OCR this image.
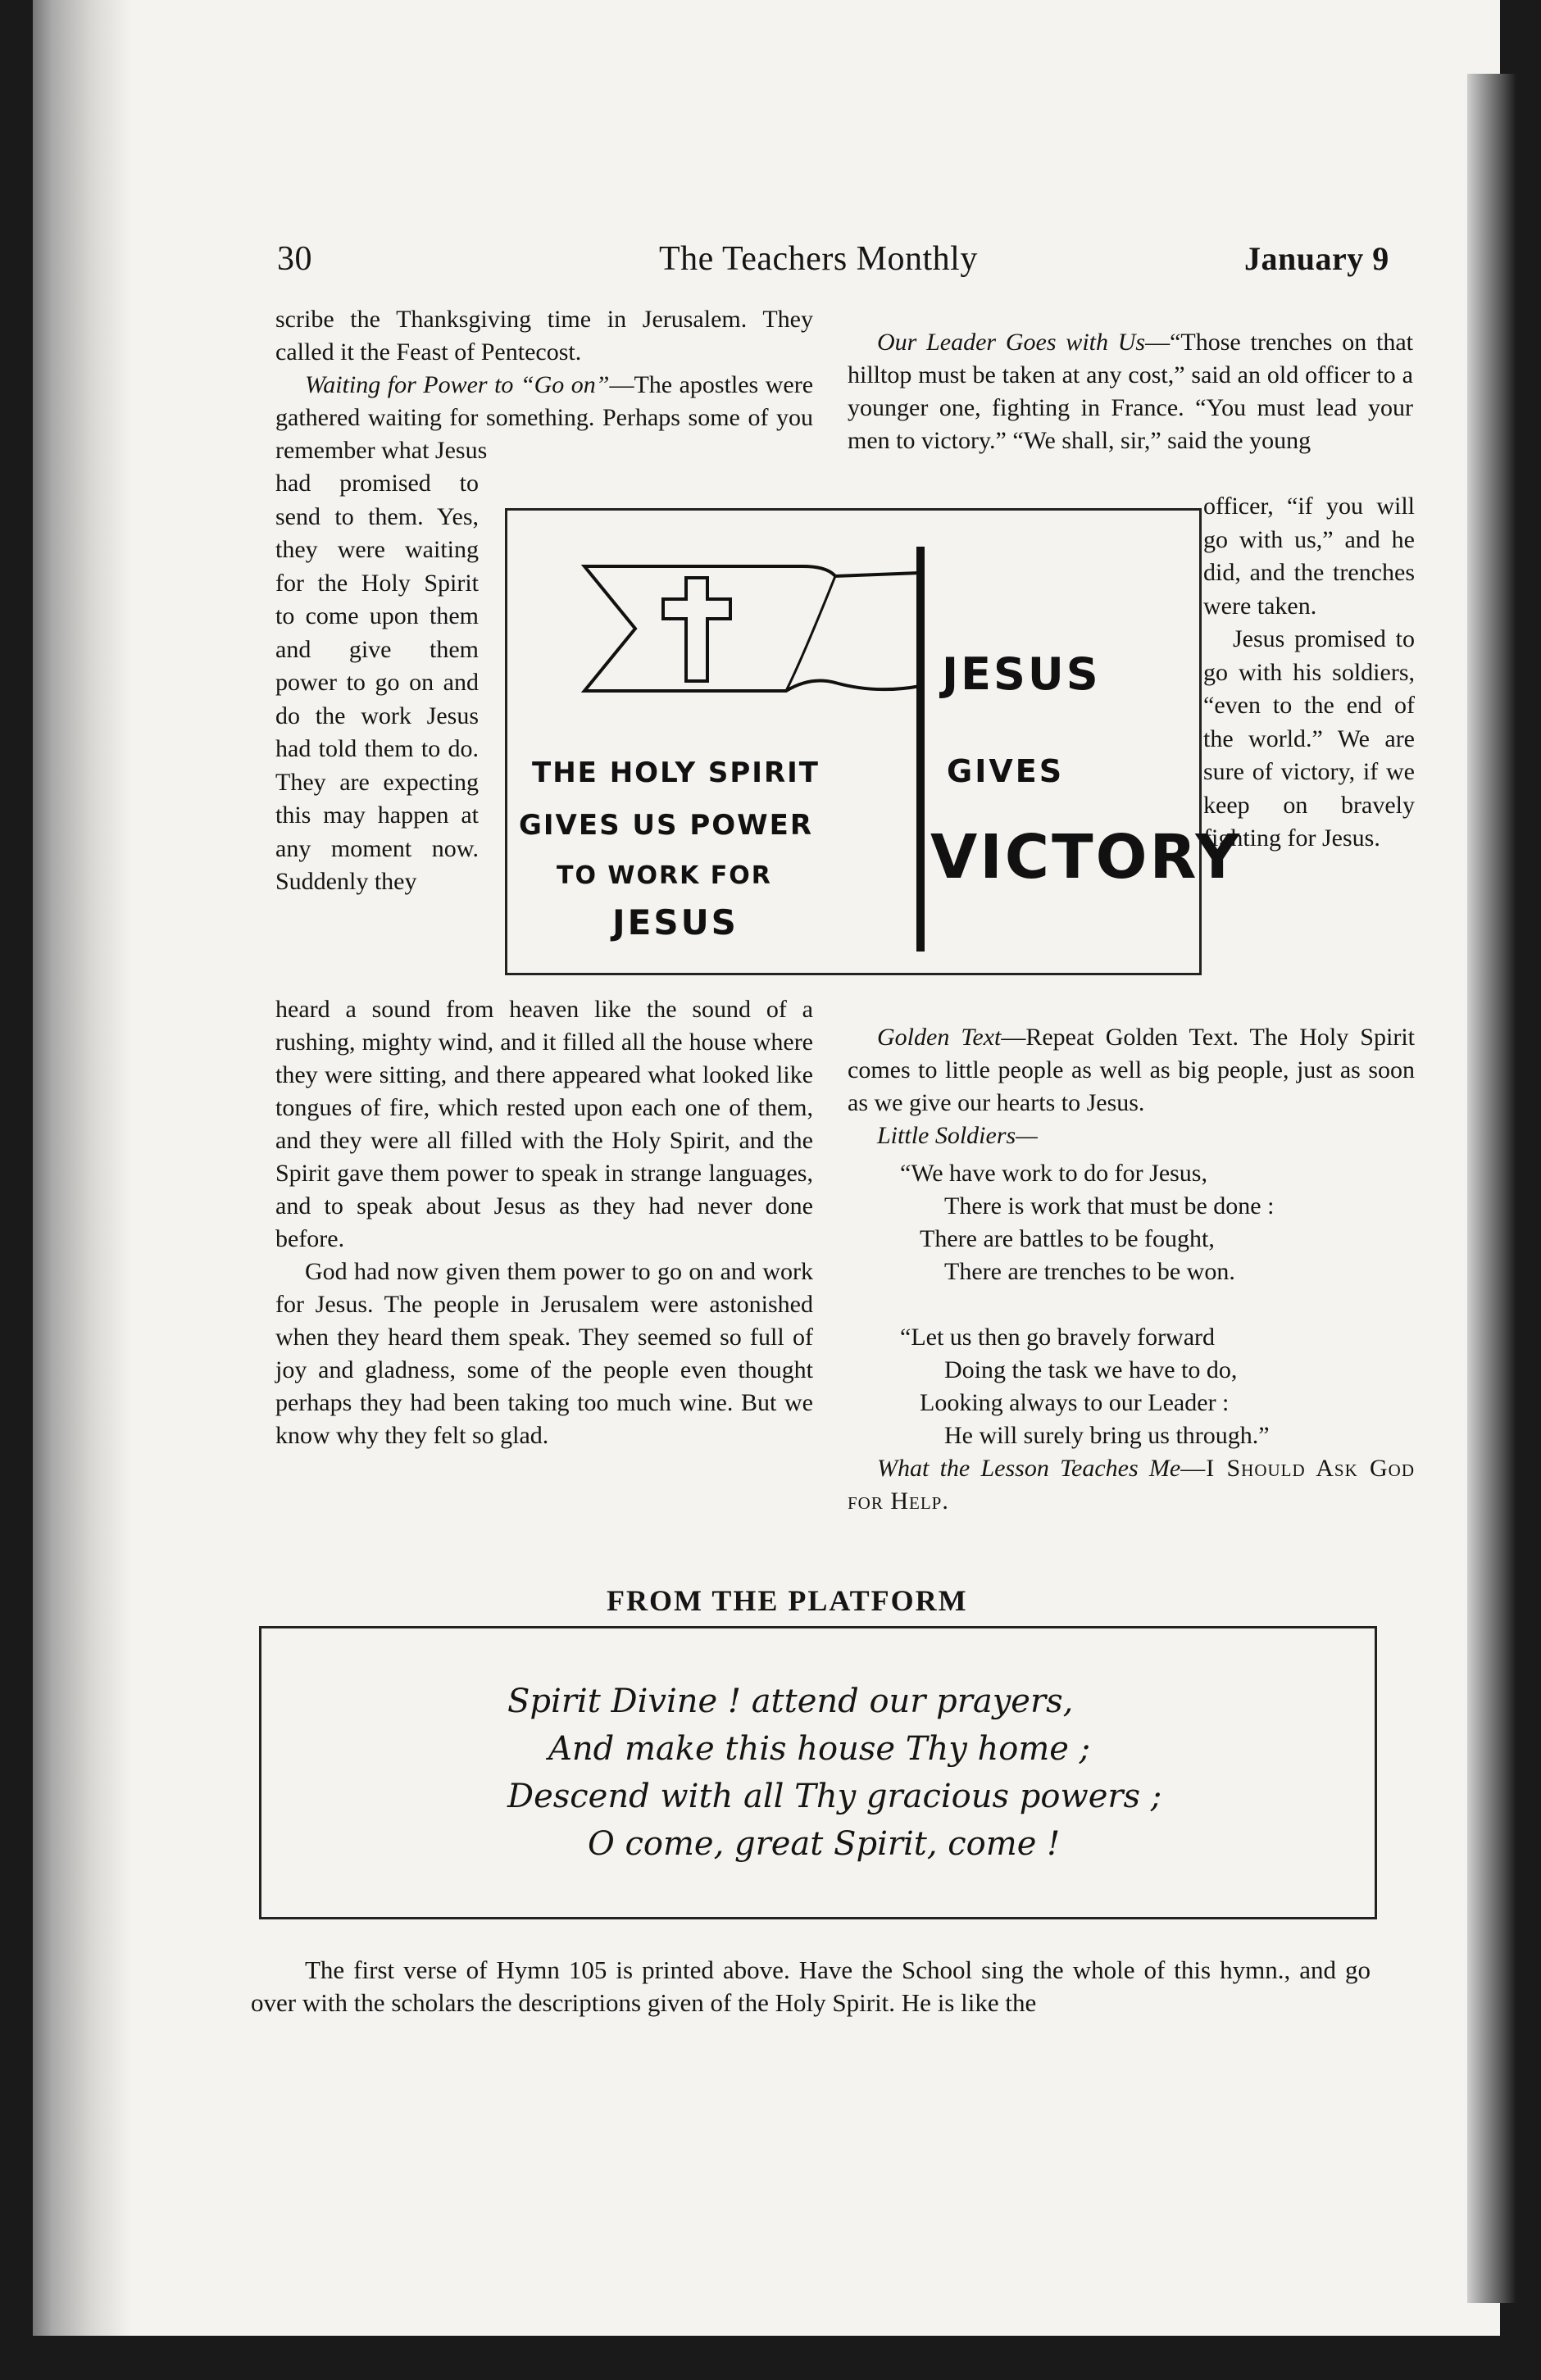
30	The Teachers Monthly	January 9

scribe the Thanksgiving time in Jerusalem. They called it the Feast of Pentecost.

Waiting for Power to “Go on”—The apostles were gathered waiting for something. Perhaps some of you remember what Jesus

had promised to send to them. Yes, they were waiting for the Holy Spirit to come upon them and give them power to go on and do the work Jesus had told them to do. They are expecting this may happen at any moment now. Suddenly they

Our Leader Goes with Us—“Those trenches on that hilltop must be taken at any cost,” said an old officer to a younger one, fighting in France. “You must lead your men to victory.” “We shall, sir,” said the young

officer, “if you will go with us,” and he did, and the trenches were taken.
Jesus promised to go with his soldiers, “even to the end of the world.” We are sure of victory, if we keep on bravely fighting for Jesus.
THE HOLY SPIRIT
GIVES US POWER
TO WORK FOR
JESUS
JESUS
GIVES
VICTORY

heard a sound from heaven like the sound of a rushing, mighty wind, and it filled all the house where they were sitting, and there appeared what looked like tongues of fire, which rested upon each one of them, and they were all filled with the Holy Spirit, and the Spirit gave them power to speak in strange languages, and to speak about Jesus as they had never done before.

God had now given them power to go on and work for Jesus. The people in Jerusalem were astonished when they heard them speak. They seemed so full of joy and gladness, some of the people even thought perhaps they had been taking too much wine. But we know why they felt so glad.

Golden Text—Repeat Golden Text. The Holy Spirit comes to little people as well as big people, just as soon as we give our hearts to Jesus.

Little Soldiers—

“We have work to do for Jesus,
There is work that must be done :
There are battles to be fought,
There are trenches to be won.
“Let us then go bravely forward
Doing the task we have to do,
Looking always to our Leader :
He will surely bring us through.”

What the Lesson Teaches Me—I Should Ask God for Help.

FROM THE PLATFORM
Spirit Divine ! attend our prayers,
And make this house Thy home ;
Descend with all Thy gracious powers ;
O come, great Spirit, come !

The first verse of Hymn 105 is printed above. Have the School sing the whole of this hymn., and go over with the scholars the descriptions given of the Holy Spirit. He is like the
